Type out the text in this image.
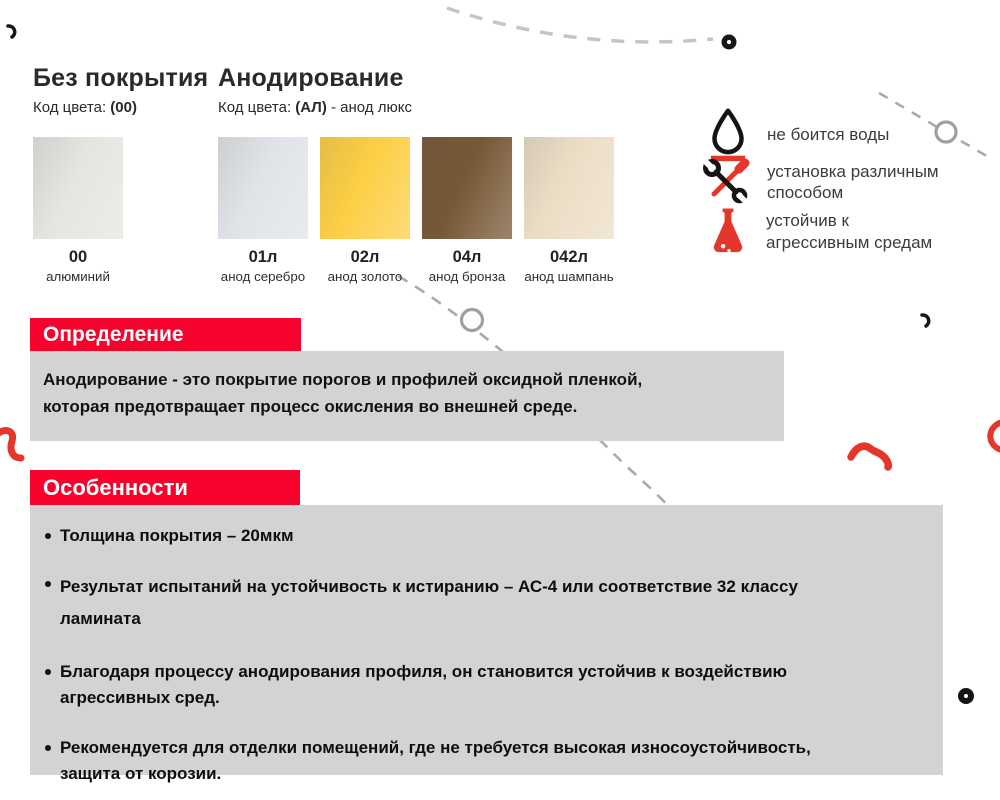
Без покрытия
Код цвета: (00)
Анодирование
Код цвета: (АЛ) - анод люкс
00
алюминий
01л
анод серебро
02л
анод золото
04л
анод бронза
042л
анод шампань
не боится воды
установка различным способом
устойчив к агрессивным средам
Определение

Анодирование - это покрытие порогов и профилей оксидной пленкой, которая предотвращает процесс окисления во внешней среде.

Особенности
Толщина покрытия – 20мкм
Результат испытаний на устойчивость к истиранию – АС-4 или соответствие 32 классу ламината
Благодаря процессу анодирования профиля, он становится устойчив к воздействию агрессивных сред.
Рекомендуется для отделки помещений, где не требуется высокая износоустойчивость, защита от корозии.
